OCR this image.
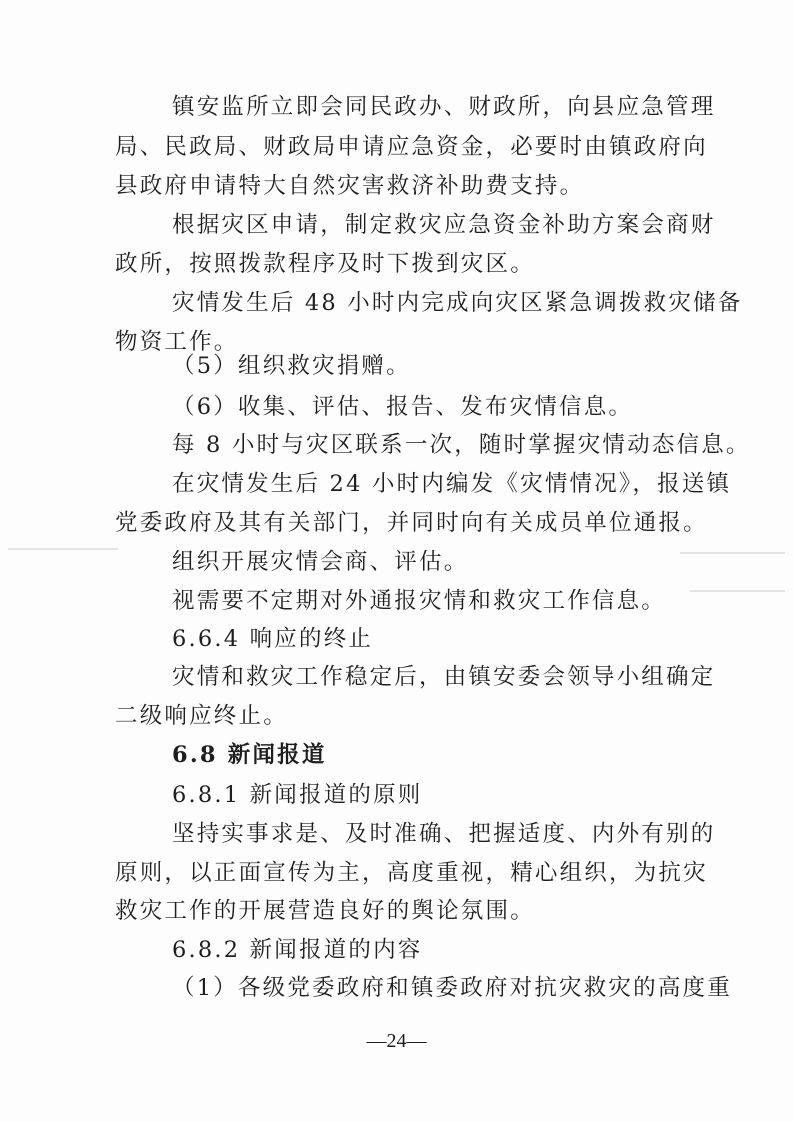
镇安监所立即会同民政办、财政所，向县应急管理
局、民政局、财政局申请应急资金，必要时由镇政府向
县政府申请特大自然灾害救济补助费支持。
根据灾区申请，制定救灾应急资金补助方案会商财
政所，按照拨款程序及时下拨到灾区。
灾情发生后 48 小时内完成向灾区紧急调拨救灾储备
物资工作。
（5）组织救灾捐赠。
（6）收集、评估、报告、发布灾情信息。
每 8 小时与灾区联系一次，随时掌握灾情动态信息。
在灾情发生后 24 小时内编发《灾情情况》，报送镇
党委政府及其有关部门，并同时向有关成员单位通报。
组织开展灾情会商、评估。
视需要不定期对外通报灾情和救灾工作信息。
6.6.4 响应的终止
灾情和救灾工作稳定后，由镇安委会领导小组确定
二级响应终止。
6.8 新闻报道
6.8.1 新闻报道的原则
坚持实事求是、及时准确、把握适度、内外有别的
原则，以正面宣传为主，高度重视，精心组织，为抗灾
救灾工作的开展营造良好的舆论氛围。
6.8.2 新闻报道的内容
（1）各级党委政府和镇委政府对抗灾救灾的高度重
—24—
